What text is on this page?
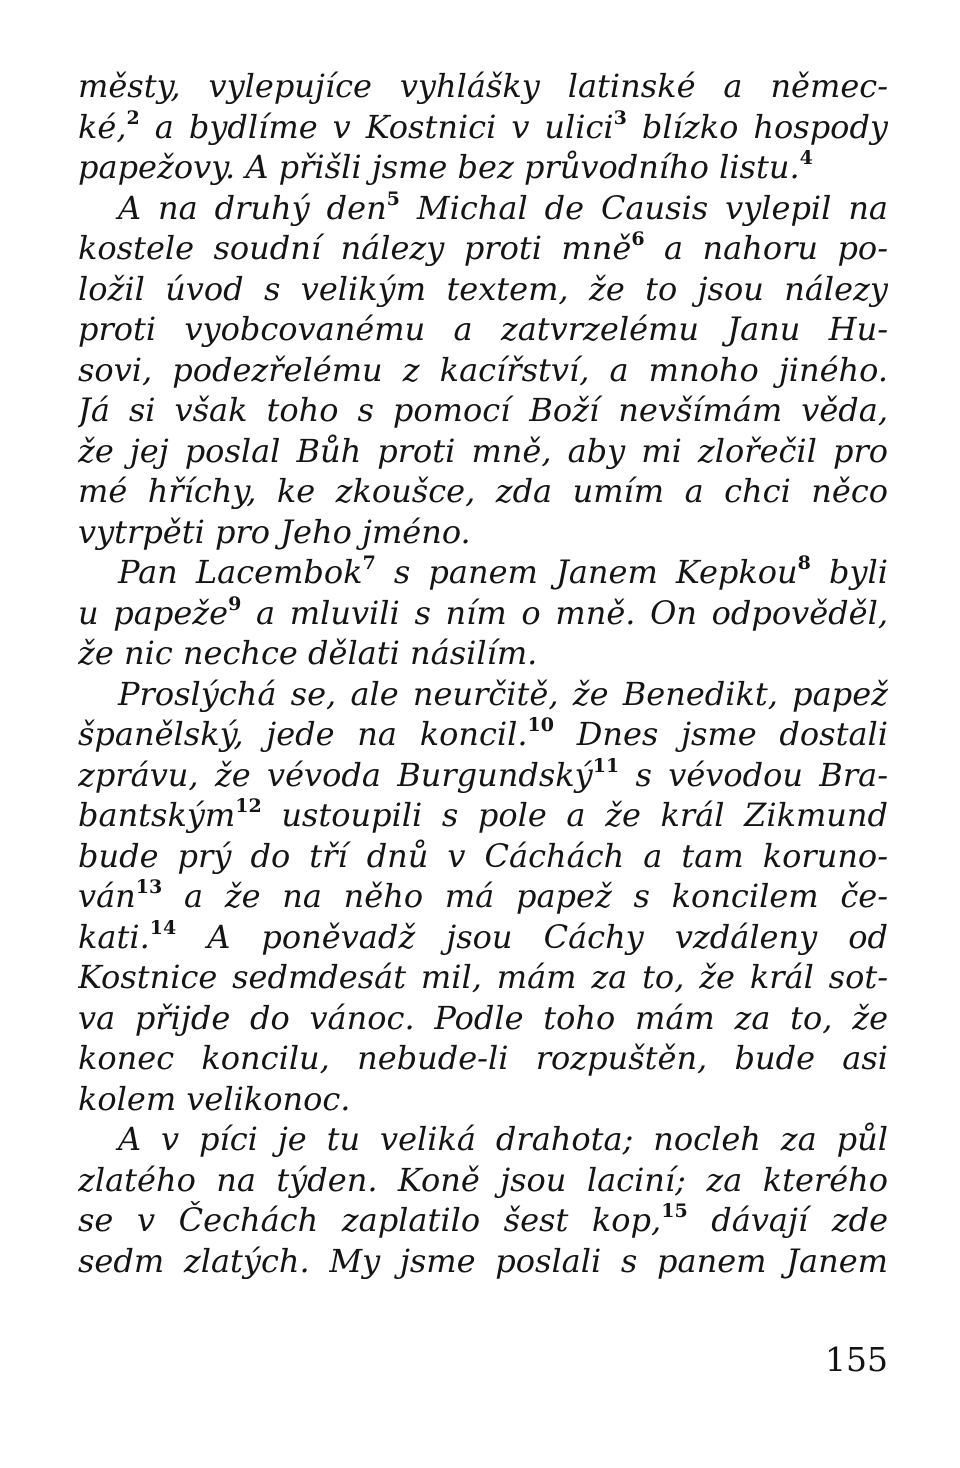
městy, vylepujíce vyhlášky latinské a němec-
ké,$^2$ a bydlíme v Kostnici v ulici$^3$ blízko hospody
papežovy. A přišli jsme bez průvodního listu.$^4$
A na druhý den$^5$ Michal de Causis vylepil na
kostele soudní nálezy proti mně$^6$ a nahoru po-
ložil úvod s velikým textem, že to jsou nálezy
proti vyobcovanému a zatvrzelému Janu Hu-
sovi, podezřelému z kacířství, a mnoho jiného.
Já si však toho s pomocí Boží nevšímám věda,
že jej poslal Bůh proti mně, aby mi zlořečil pro
mé hříchy, ke zkoušce, zda umím a chci něco
vytrpěti pro Jeho jméno.
Pan Lacembok$^7$ s panem Janem Kepkou$^8$ byli
u papeže$^9$ a mluvili s ním o mně. On odpověděl,
že nic nechce dělati násilím.
Proslýchá se, ale neurčitě, že Benedikt, papež
španělský, jede na koncil.$^{10}$ Dnes jsme dostali
zprávu, že vévoda Burgundský$^{11}$ s vévodou Bra-
bantským$^{12}$ ustoupili s pole a že král Zikmund
bude prý do tří dnů v Cáchách a tam koruno-
ván$^{13}$ a že na něho má papež s koncilem če-
kati.$^{14}$ A poněvadž jsou Cáchy vzdáleny od
Kostnice sedmdesát mil, mám za to, že král sot-
va přijde do vánoc. Podle toho mám za to, že
konec koncilu, nebude-li rozpuštěn, bude asi
kolem velikonoc.
A v píci je tu veliká drahota; nocleh za půl
zlatého na týden. Koně jsou laciní; za kterého
se v Čechách zaplatilo šest kop,$^{15}$ dávají zde
sedm zlatých. My jsme poslali s panem Janem
155
